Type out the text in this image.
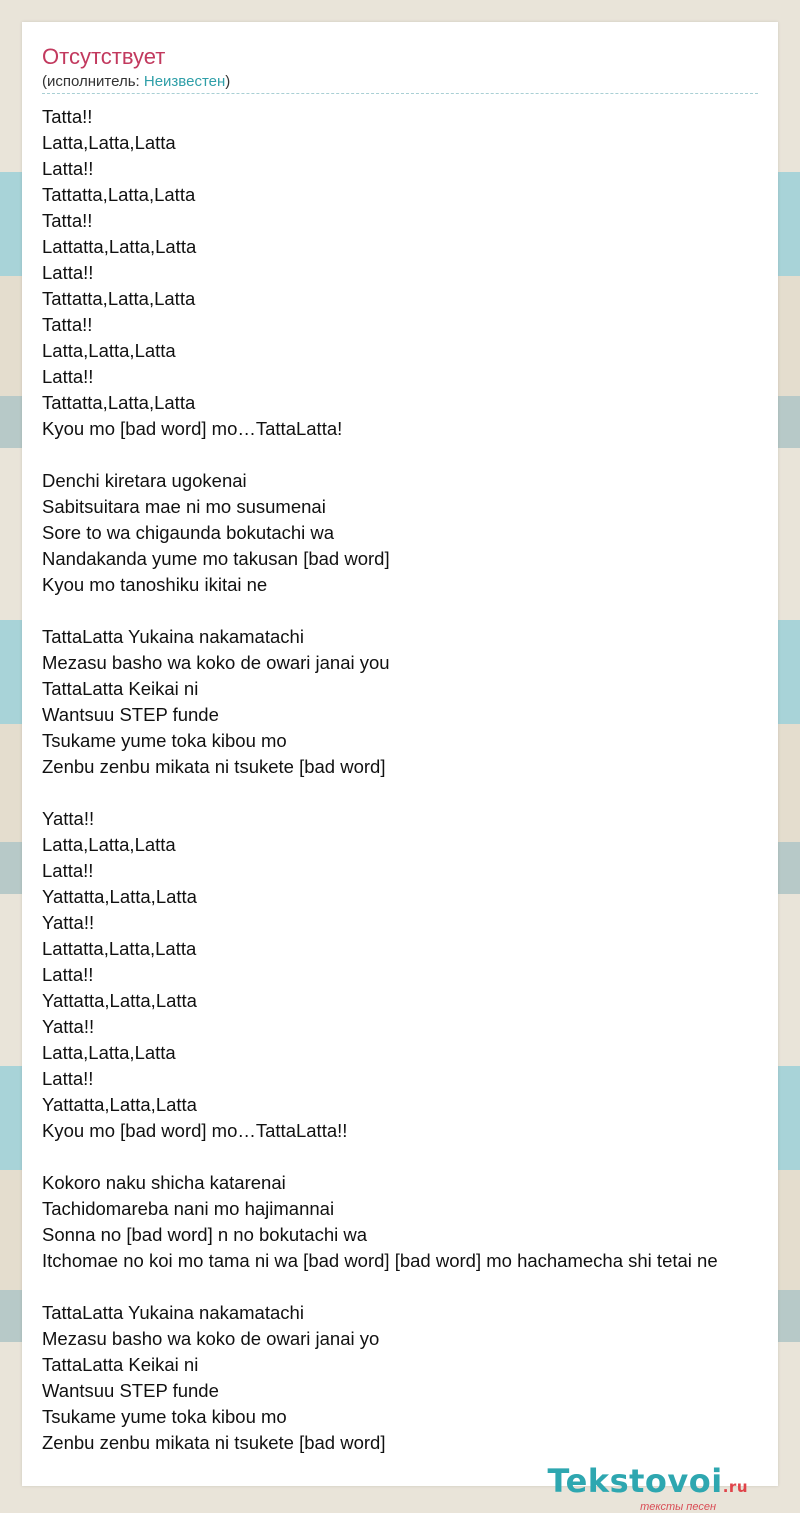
Отсутствует
(исполнитель: Неизвестен)
Tatta!!
Latta,Latta,Latta
Latta!!
Tattatta,Latta,Latta
Tatta!!
Lattatta,Latta,Latta
Latta!!
Tattatta,Latta,Latta
Tatta!!
Latta,Latta,Latta
Latta!!
Tattatta,Latta,Latta
Kyou mo [bad word] mo…TattaLatta!
Denchi kiretara ugokenai
Sabitsuitara mae ni mo susumenai
Sore to wa chigaunda bokutachi wa
Nandakanda yume mo takusan [bad word]
Kyou mo tanoshiku ikitai ne
TattaLatta Yukaina nakamatachi
Mezasu basho wa koko de owari janai you
TattaLatta Keikai ni
Wantsuu STEP funde
Tsukame yume toka kibou mo
Zenbu zenbu mikata ni tsukete [bad word]
Yatta!!
Latta,Latta,Latta
Latta!!
Yattatta,Latta,Latta
Yatta!!
Lattatta,Latta,Latta
Latta!!
Yattatta,Latta,Latta
Yatta!!
Latta,Latta,Latta
Latta!!
Yattatta,Latta,Latta
Kyou mo [bad word] mo…TattaLatta!!
Kokoro naku shicha katarenai
Tachidomareba nani mo hajimannai
Sonna no [bad word] n no bokutachi wa
Itchomae no koi mo tama ni wa [bad word] [bad word] mo hachamecha shi tetai ne
TattaLatta Yukaina nakamatachi
Mezasu basho wa koko de owari janai yo
TattaLatta Keikai ni
Wantsuu STEP funde
Tsukame yume toka kibou mo
Zenbu zenbu mikata ni tsukete [bad word]
Tekstovoi.ru
тексты песен
